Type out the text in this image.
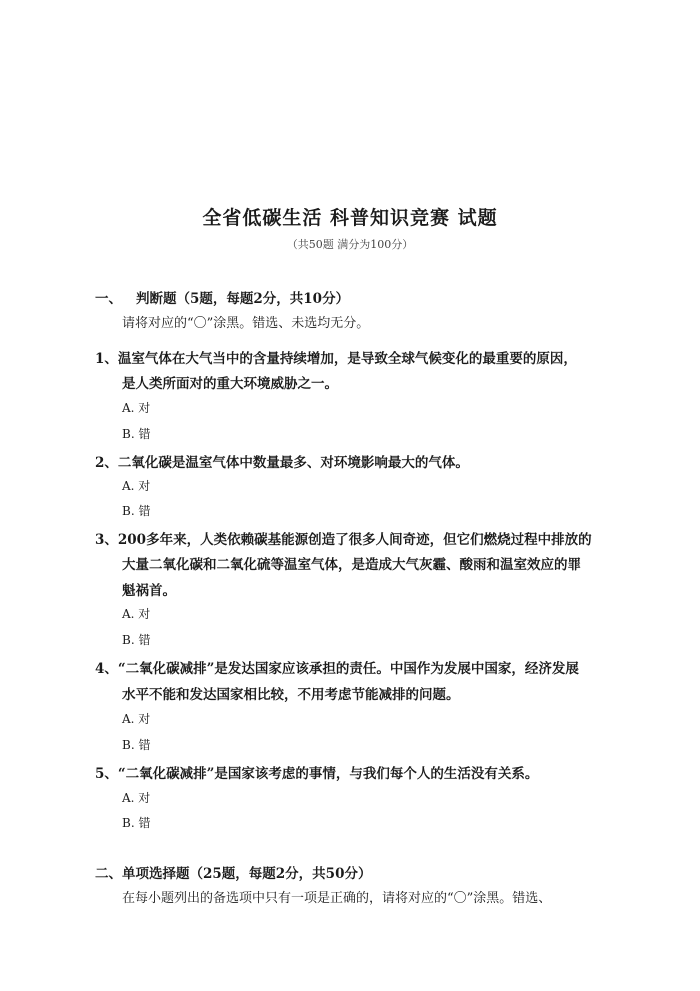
全省低碳生活 科普知识竞赛 试题
（共50题 满分为100分）
一、 判断题（5题，每题2分，共10分）
请将对应的“〇”涂黑。错选、未选均无分。
1、温室气体在大气当中的含量持续增加，是导致全球气候变化的最重要的原因，
是人类所面对的重大环境威胁之一。
A. 对
B. 错
2、二氧化碳是温室气体中数量最多、对环境影响最大的气体。
A. 对
B. 错
3、200多年来，人类依赖碳基能源创造了很多人间奇迹，但它们燃烧过程中排放的
大量二氧化碳和二氧化硫等温室气体，是造成大气灰霾、酸雨和温室效应的罪
魁祸首。
A. 对
B. 错
4、“二氧化碳减排”是发达国家应该承担的责任。中国作为发展中国家，经济发展
水平不能和发达国家相比较，不用考虑节能减排的问题。
A. 对
B. 错
5、“二氧化碳减排”是国家该考虑的事情，与我们每个人的生活没有关系。
A. 对
B. 错
二、单项选择题（25题，每题2分，共50分）
在每小题列出的备选项中只有一项是正确的，请将对应的“〇”涂黑。错选、
